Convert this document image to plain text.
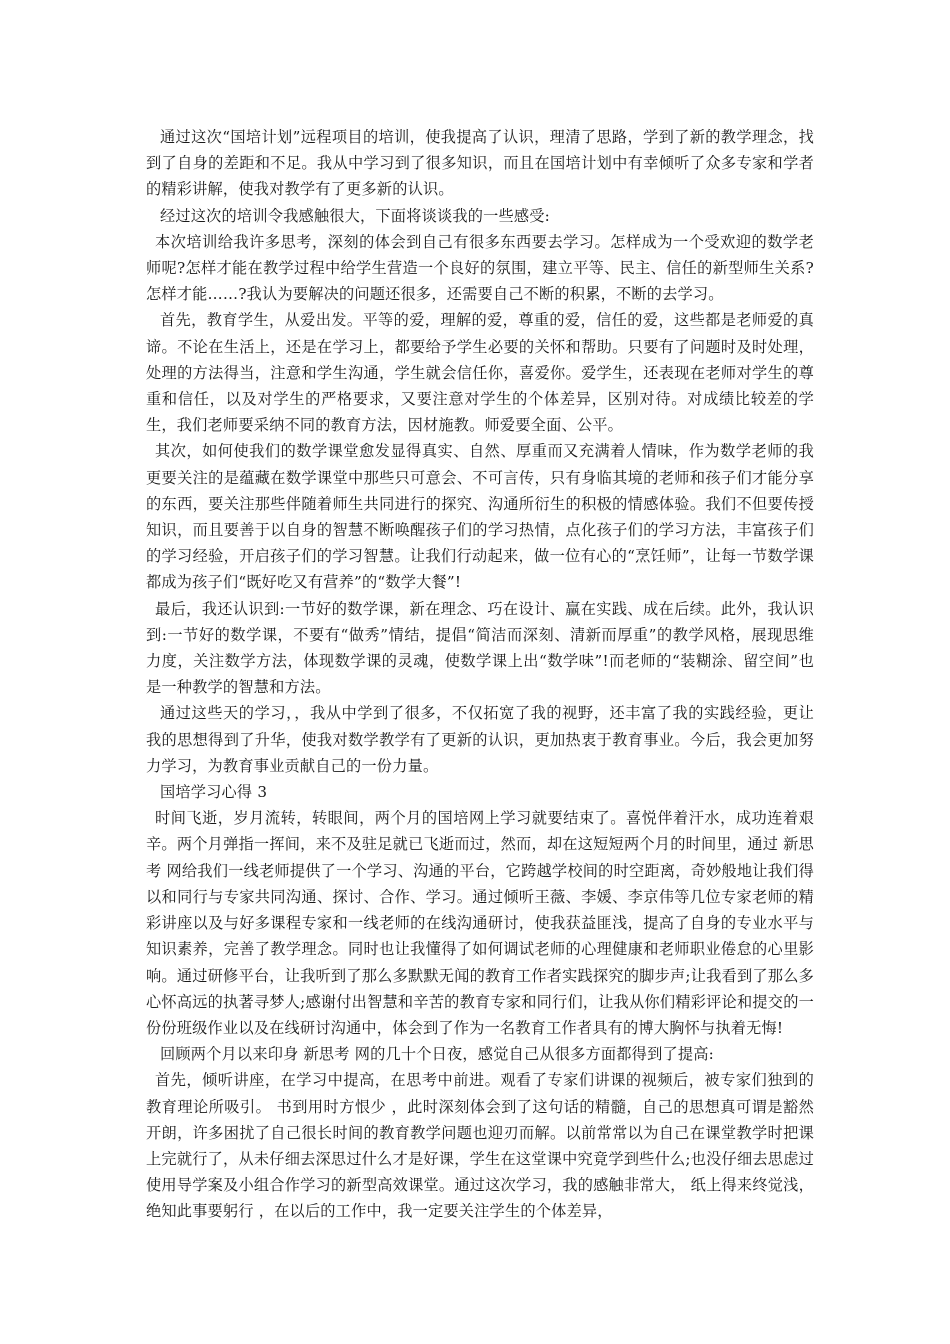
通过这次“国培计划”远程项目的培训，使我提高了认识，理清了思路，学到了新的教学理念，找到了自身的差距和不足。我从中学习到了很多知识，而且在国培计划中有幸倾听了众多专家和学者的精彩讲解，使我对教学有了更多新的认识。

经过这次的培训令我感触很大，下面将谈谈我的一些感受:

本次培训给我许多思考，深刻的体会到自己有很多东西要去学习。怎样成为一个受欢迎的数学老师呢?怎样才能在教学过程中给学生营造一个良好的氛围，建立平等、民主、信任的新型师生关系?怎样才能……?我认为要解决的问题还很多，还需要自己不断的积累，不断的去学习。

首先，教育学生，从爱出发。平等的爱，理解的爱，尊重的爱，信任的爱，这些都是老师爱的真谛。不论在生活上，还是在学习上，都要给予学生必要的关怀和帮助。只要有了问题时及时处理，处理的方法得当，注意和学生沟通，学生就会信任你，喜爱你。爱学生，还表现在老师对学生的尊重和信任，以及对学生的严格要求，又要注意对学生的个体差异，区别对待。对成绩比较差的学生，我们老师要采纳不同的教育方法，因材施教。师爱要全面、公平。

其次，如何使我们的数学课堂愈发显得真实、自然、厚重而又充满着人情味，作为数学老师的我更要关注的是蕴藏在数学课堂中那些只可意会、不可言传，只有身临其境的老师和孩子们才能分享的东西，要关注那些伴随着师生共同进行的探究、沟通所衍生的积极的情感体验。我们不但要传授知识，而且要善于以自身的智慧不断唤醒孩子们的学习热情，点化孩子们的学习方法，丰富孩子们的学习经验，开启孩子们的学习智慧。让我们行动起来，做一位有心的“烹饪师”，让每一节数学课都成为孩子们“既好吃又有营养”的“数学大餐”!

最后，我还认识到:一节好的数学课，新在理念、巧在设计、赢在实践、成在后续。此外，我认识到:一节好的数学课，不要有“做秀”情结，提倡“简洁而深刻、清新而厚重”的教学风格，展现思维力度，关注数学方法，体现数学课的灵魂，使数学课上出“数学味”!而老师的“装糊涂、留空间”也是一种教学的智慧和方法。

通过这些天的学习，，我从中学到了很多，不仅拓宽了我的视野，还丰富了我的实践经验，更让我的思想得到了升华，使我对数学教学有了更新的认识，更加热衷于教育事业。今后，我会更加努力学习，为教育事业贡献自己的一份力量。

国培学习心得 3

时间飞逝，岁月流转，转眼间，两个月的国培网上学习就要结束了。喜悦伴着汗水，成功连着艰辛。两个月弹指一挥间，来不及驻足就已飞逝而过，然而，却在这短短两个月的时间里，通过 新思考 网给我们一线老师提供了一个学习、沟通的平台，它跨越学校间的时空距离，奇妙般地让我们得以和同行与专家共同沟通、探讨、合作、学习。通过倾听王薇、李媛、李京伟等几位专家老师的精彩讲座以及与好多课程专家和一线老师的在线沟通研讨，使我获益匪浅，提高了自身的专业水平与知识素养，完善了教学理念。同时也让我懂得了如何调试老师的心理健康和老师职业倦怠的心里影响。通过研修平台，让我听到了那么多默默无闻的教育工作者实践探究的脚步声;让我看到了那么多心怀高远的执著寻梦人;感谢付出智慧和辛苦的教育专家和同行们，让我从你们精彩评论和提交的一份份班级作业以及在线研讨沟通中，体会到了作为一名教育工作者具有的博大胸怀与执着无悔!

回顾两个月以来印身 新思考 网的几十个日夜，感觉自己从很多方面都得到了提高:

首先，倾听讲座，在学习中提高，在思考中前进。观看了专家们讲课的视频后，被专家们独到的教育理论所吸引。 书到用时方恨少 ，此时深刻体会到了这句话的精髓，自己的思想真可谓是豁然开朗，许多困扰了自己很长时间的教育教学问题也迎刃而解。以前常常以为自己在课堂教学时把课上完就行了，从未仔细去深思过什么才是好课，学生在这堂课中究竟学到些什么;也没仔细去思虑过使用导学案及小组合作学习的新型高效课堂。通过这次学习，我的感触非常大， 纸上得来终觉浅，绝知此事要躬行 ，在以后的工作中，我一定要关注学生的个体差异，
